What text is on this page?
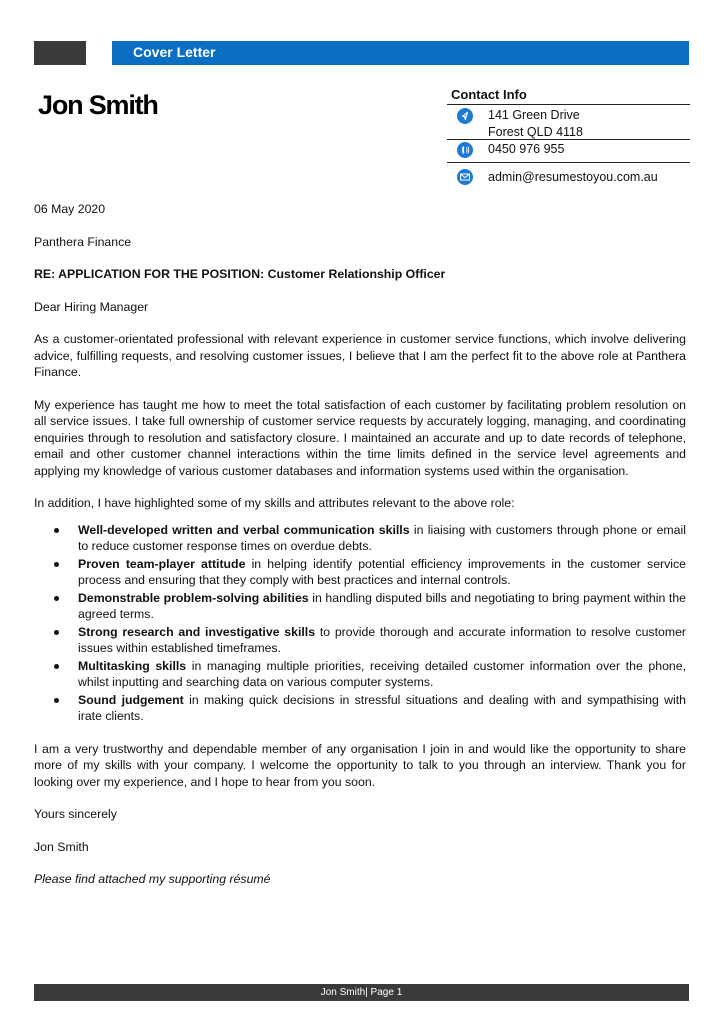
Cover Letter
Jon Smith	Contact Info
141 Green Drive
Forest QLD 4118
0450 976 955
admin@resumestoyou.com.au

06 May 2020

Panthera Finance

RE: APPLICATION FOR THE POSITION: Customer Relationship Officer

Dear Hiring Manager

As a customer-orientated professional with relevant experience in customer service functions, which involve delivering advice, fulfilling requests, and resolving customer issues, I believe that I am the perfect fit to the above role at Panthera Finance.

My experience has taught me how to meet the total satisfaction of each customer by facilitating problem resolution on all service issues. I take full ownership of customer service requests by accurately logging, managing, and coordinating enquiries through to resolution and satisfactory closure. I maintained an accurate and up to date records of telephone, email and other customer channel interactions within the time limits defined in the service level agreements and applying my knowledge of various customer databases and information systems used within the organisation.

In addition, I have highlighted some of my skills and attributes relevant to the above role:

Well-developed written and verbal communication skills in liaising with customers through phone or email to reduce customer response times on overdue debts.
Proven team-player attitude in helping identify potential efficiency improvements in the customer service process and ensuring that they comply with best practices and internal controls.
Demonstrable problem-solving abilities in handling disputed bills and negotiating to bring payment within the agreed terms.
Strong research and investigative skills to provide thorough and accurate information to resolve customer issues within established timeframes.
Multitasking skills in managing multiple priorities, receiving detailed customer information over the phone, whilst inputting and searching data on various computer systems.
Sound judgement in making quick decisions in stressful situations and dealing with and sympathising with irate clients.

I am a very trustworthy and dependable member of any organisation I join in and would like the opportunity to share more of my skills with your company. I welcome the opportunity to talk to you through an interview. Thank you for looking over my experience, and I hope to hear from you soon.

Yours sincerely

Jon Smith

Please find attached my supporting résumé

Jon Smith| Page 1
